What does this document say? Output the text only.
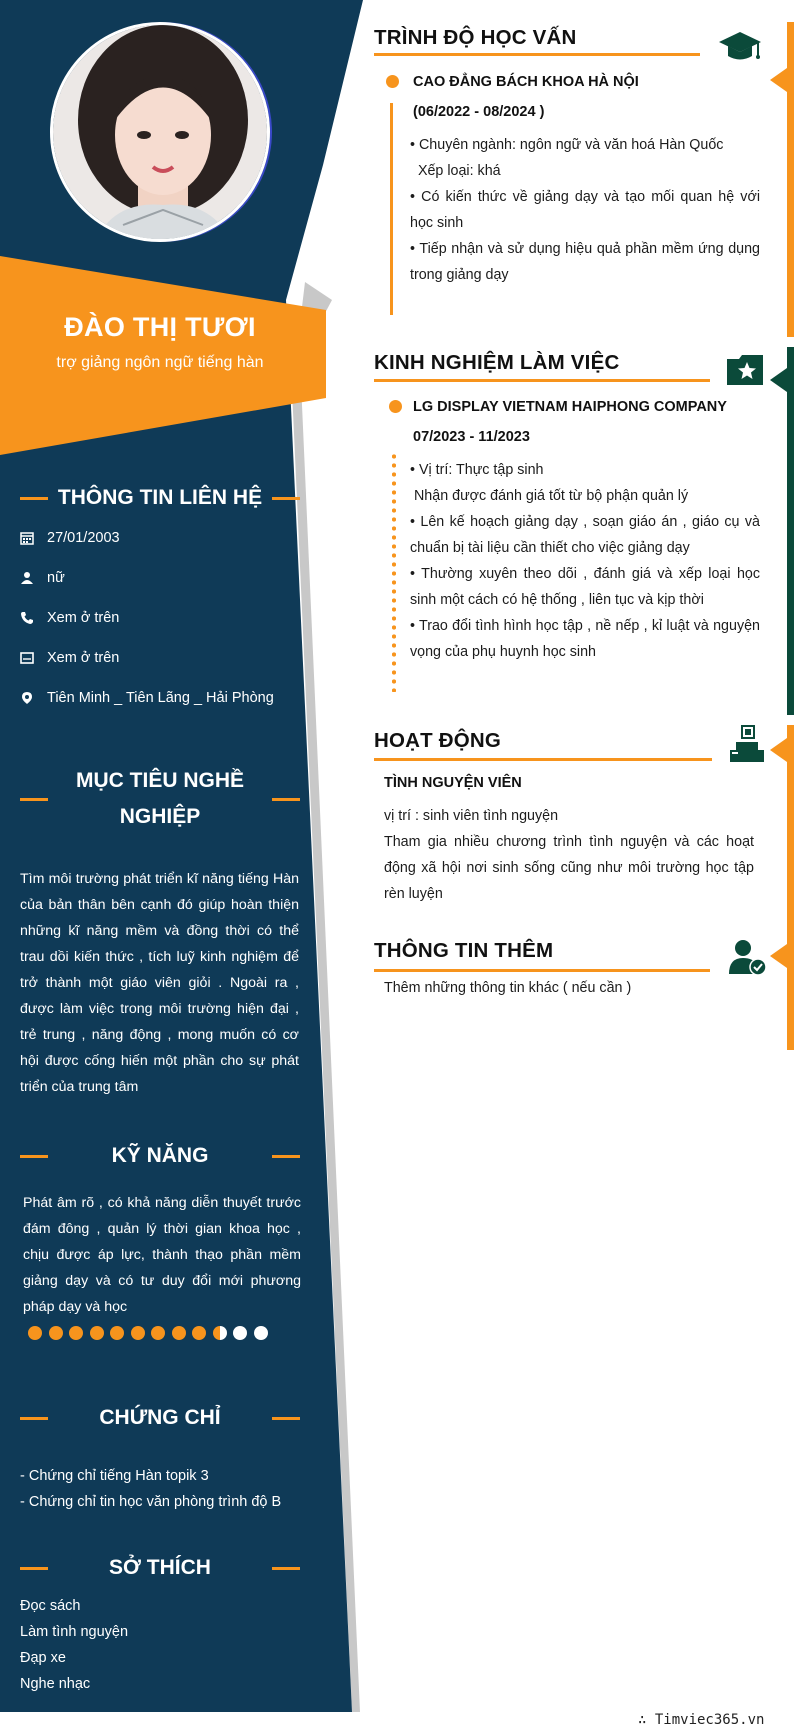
ĐÀO THỊ TƯƠI
trợ giảng ngôn ngữ tiếng hàn
THÔNG TIN LIÊN HỆ
27/01/2003
nữ
Xem ở trên
Xem ở trên
Tiên Minh _ Tiên Lãng _ Hải Phòng
MỤC TIÊU NGHỀ
NGHIỆP
Tìm môi trường phát triển kĩ năng tiếng Hàn của bản thân bên cạnh đó giúp hoàn thiện những kĩ năng mềm và đồng thời có thể trau dồi kiến thức , tích luỹ kinh nghiệm để trở thành một giáo viên giỏi . Ngoài ra , được làm việc trong môi trường hiện đại , trẻ trung , năng động , mong muốn có cơ hội được cống hiến một phần cho sự phát triển của trung tâm
KỸ NĂNG
Phát âm rõ , có khả năng diễn thuyết trước đám đông , quản lý thời gian khoa học , chịu được áp lực, thành thạo phần mềm giảng dạy và có tư duy đổi mới phương pháp dạy và học
CHỨNG CHỈ
- Chứng chỉ tiếng Hàn topik 3
- Chứng chỉ tin học văn phòng trình độ B
SỞ THÍCH
Đọc sách
Làm tình nguyện
Đạp xe
Nghe nhạc
TRÌNH ĐỘ HỌC VẤN
CAO ĐẲNG BÁCH KHOA HÀ NỘI
(06/2022 - 08/2024 )
• Chuyên ngành: ngôn ngữ và văn hoá Hàn Quốc
Xếp loại: khá
• Có kiến thức về giảng dạy và tạo mối quan hệ với học sinh
• Tiếp nhận và sử dụng hiệu quả phần mềm ứng dụng trong giảng dạy
KINH NGHIỆM LÀM VIỆC
LG DISPLAY VIETNAM HAIPHONG COMPANY
07/2023 - 11/2023
• Vị trí: Thực tập sinh
Nhận được đánh giá tốt từ bộ phận quản lý
• Lên kế hoạch giảng dạy , soạn giáo án , giáo cụ và chuẩn bị tài liệu cần thiết cho việc giảng dạy
• Thường xuyên theo dõi , đánh giá và xếp loại học sinh một cách có hệ thống , liên tục và kịp thời
• Trao đổi tình hình học tập , nề nếp , kỉ luật và nguyện vọng của phụ huynh học sinh
HOẠT ĐỘNG
TÌNH NGUYỆN VIÊN
vị trí : sinh viên tình nguyện
Tham gia nhiều chương trình tình nguyện và các hoạt động xã hội nơi sinh sống cũng như môi trường học tập rèn luyện
THÔNG TIN THÊM
Thêm những thông tin khác ( nếu cần )
∴ Timviec365.vn
